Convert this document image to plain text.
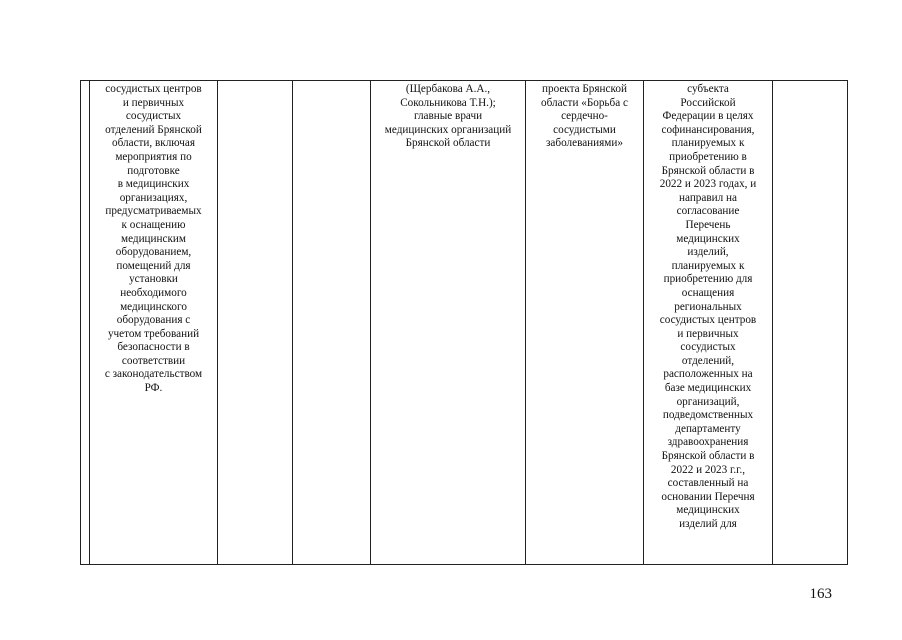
сосудистых центров
и первичных
сосудистых
отделений Брянской
области, включая
мероприятия по
подготовке
в медицинских
организациях,
предусматриваемых
к оснащению
медицинским
оборудованием,
помещений для
установки
необходимого
медицинского
оборудования с
учетом требований
безопасности в
соответствии
с законодательством
РФ.

(Щербакова А.А.,
Сокольникова Т.Н.);
главные врачи
медицинских организаций
Брянской области

проекта Брянской
области «Борьба с
сердечно-
сосудистыми
заболеваниями»

субъекта
Российской
Федерации в целях
софинансирования,
планируемых к
приобретению в
Брянской области в
2022 и 2023 годах, и
направил на
согласование
Перечень
медицинских
изделий,
планируемых к
приобретению для
оснащения
региональных
сосудистых центров
и первичных
сосудистых
отделений,
расположенных на
базе медицинских
организаций,
подведомственных
департаменту
здравоохранения
Брянской области в
2022 и 2023 г.г.,
составленный на
основании Перечня
медицинских
изделий для

163
